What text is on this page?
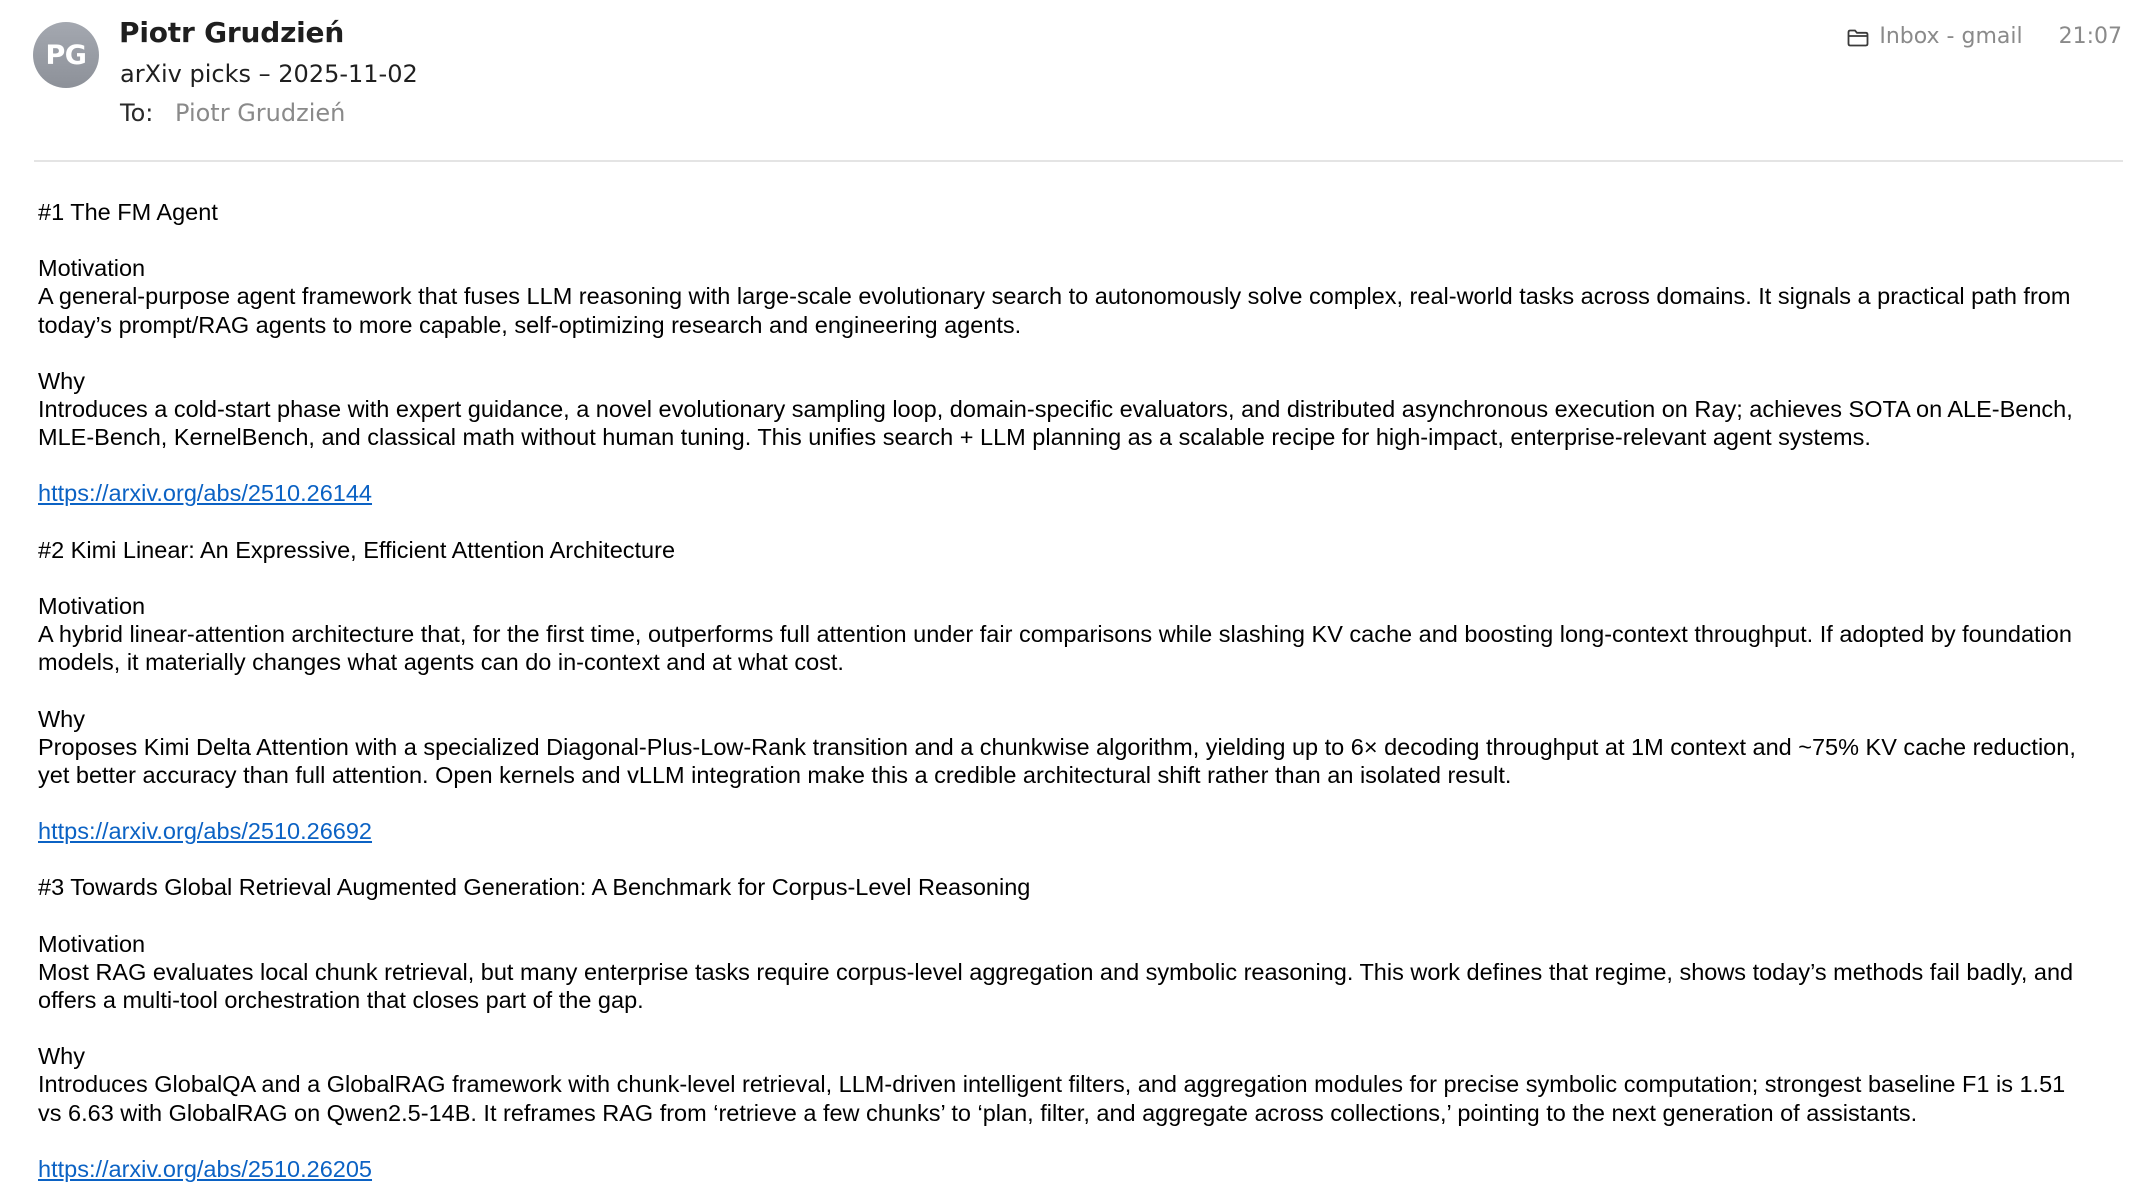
PG
Piotr Grudzień
arXiv picks – 2025-11-02
To: Piotr Grudzień
Inbox - gmail 21:07
#1 The FM Agent
Motivation
A general-purpose agent framework that fuses LLM reasoning with large-scale evolutionary search to autonomously solve complex, real-world tasks across domains. It signals a practical path from
today’s prompt/RAG agents to more capable, self-optimizing research and engineering agents.
Why
Introduces a cold-start phase with expert guidance, a novel evolutionary sampling loop, domain-specific evaluators, and distributed asynchronous execution on Ray; achieves SOTA on ALE-Bench,
MLE-Bench, KernelBench, and classical math without human tuning. This unifies search + LLM planning as a scalable recipe for high-impact, enterprise-relevant agent systems.
https://arxiv.org/abs/2510.26144
#2 Kimi Linear: An Expressive, Efficient Attention Architecture
Motivation
A hybrid linear-attention architecture that, for the first time, outperforms full attention under fair comparisons while slashing KV cache and boosting long-context throughput. If adopted by foundation
models, it materially changes what agents can do in-context and at what cost.
Why
Proposes Kimi Delta Attention with a specialized Diagonal-Plus-Low-Rank transition and a chunkwise algorithm, yielding up to 6× decoding throughput at 1M context and ~75% KV cache reduction,
yet better accuracy than full attention. Open kernels and vLLM integration make this a credible architectural shift rather than an isolated result.
https://arxiv.org/abs/2510.26692
#3 Towards Global Retrieval Augmented Generation: A Benchmark for Corpus-Level Reasoning
Motivation
Most RAG evaluates local chunk retrieval, but many enterprise tasks require corpus-level aggregation and symbolic reasoning. This work defines that regime, shows today’s methods fail badly, and
offers a multi-tool orchestration that closes part of the gap.
Why
Introduces GlobalQA and a GlobalRAG framework with chunk-level retrieval, LLM-driven intelligent filters, and aggregation modules for precise symbolic computation; strongest baseline F1 is 1.51
vs 6.63 with GlobalRAG on Qwen2.5-14B. It reframes RAG from ‘retrieve a few chunks’ to ‘plan, filter, and aggregate across collections,’ pointing to the next generation of assistants.
https://arxiv.org/abs/2510.26205
